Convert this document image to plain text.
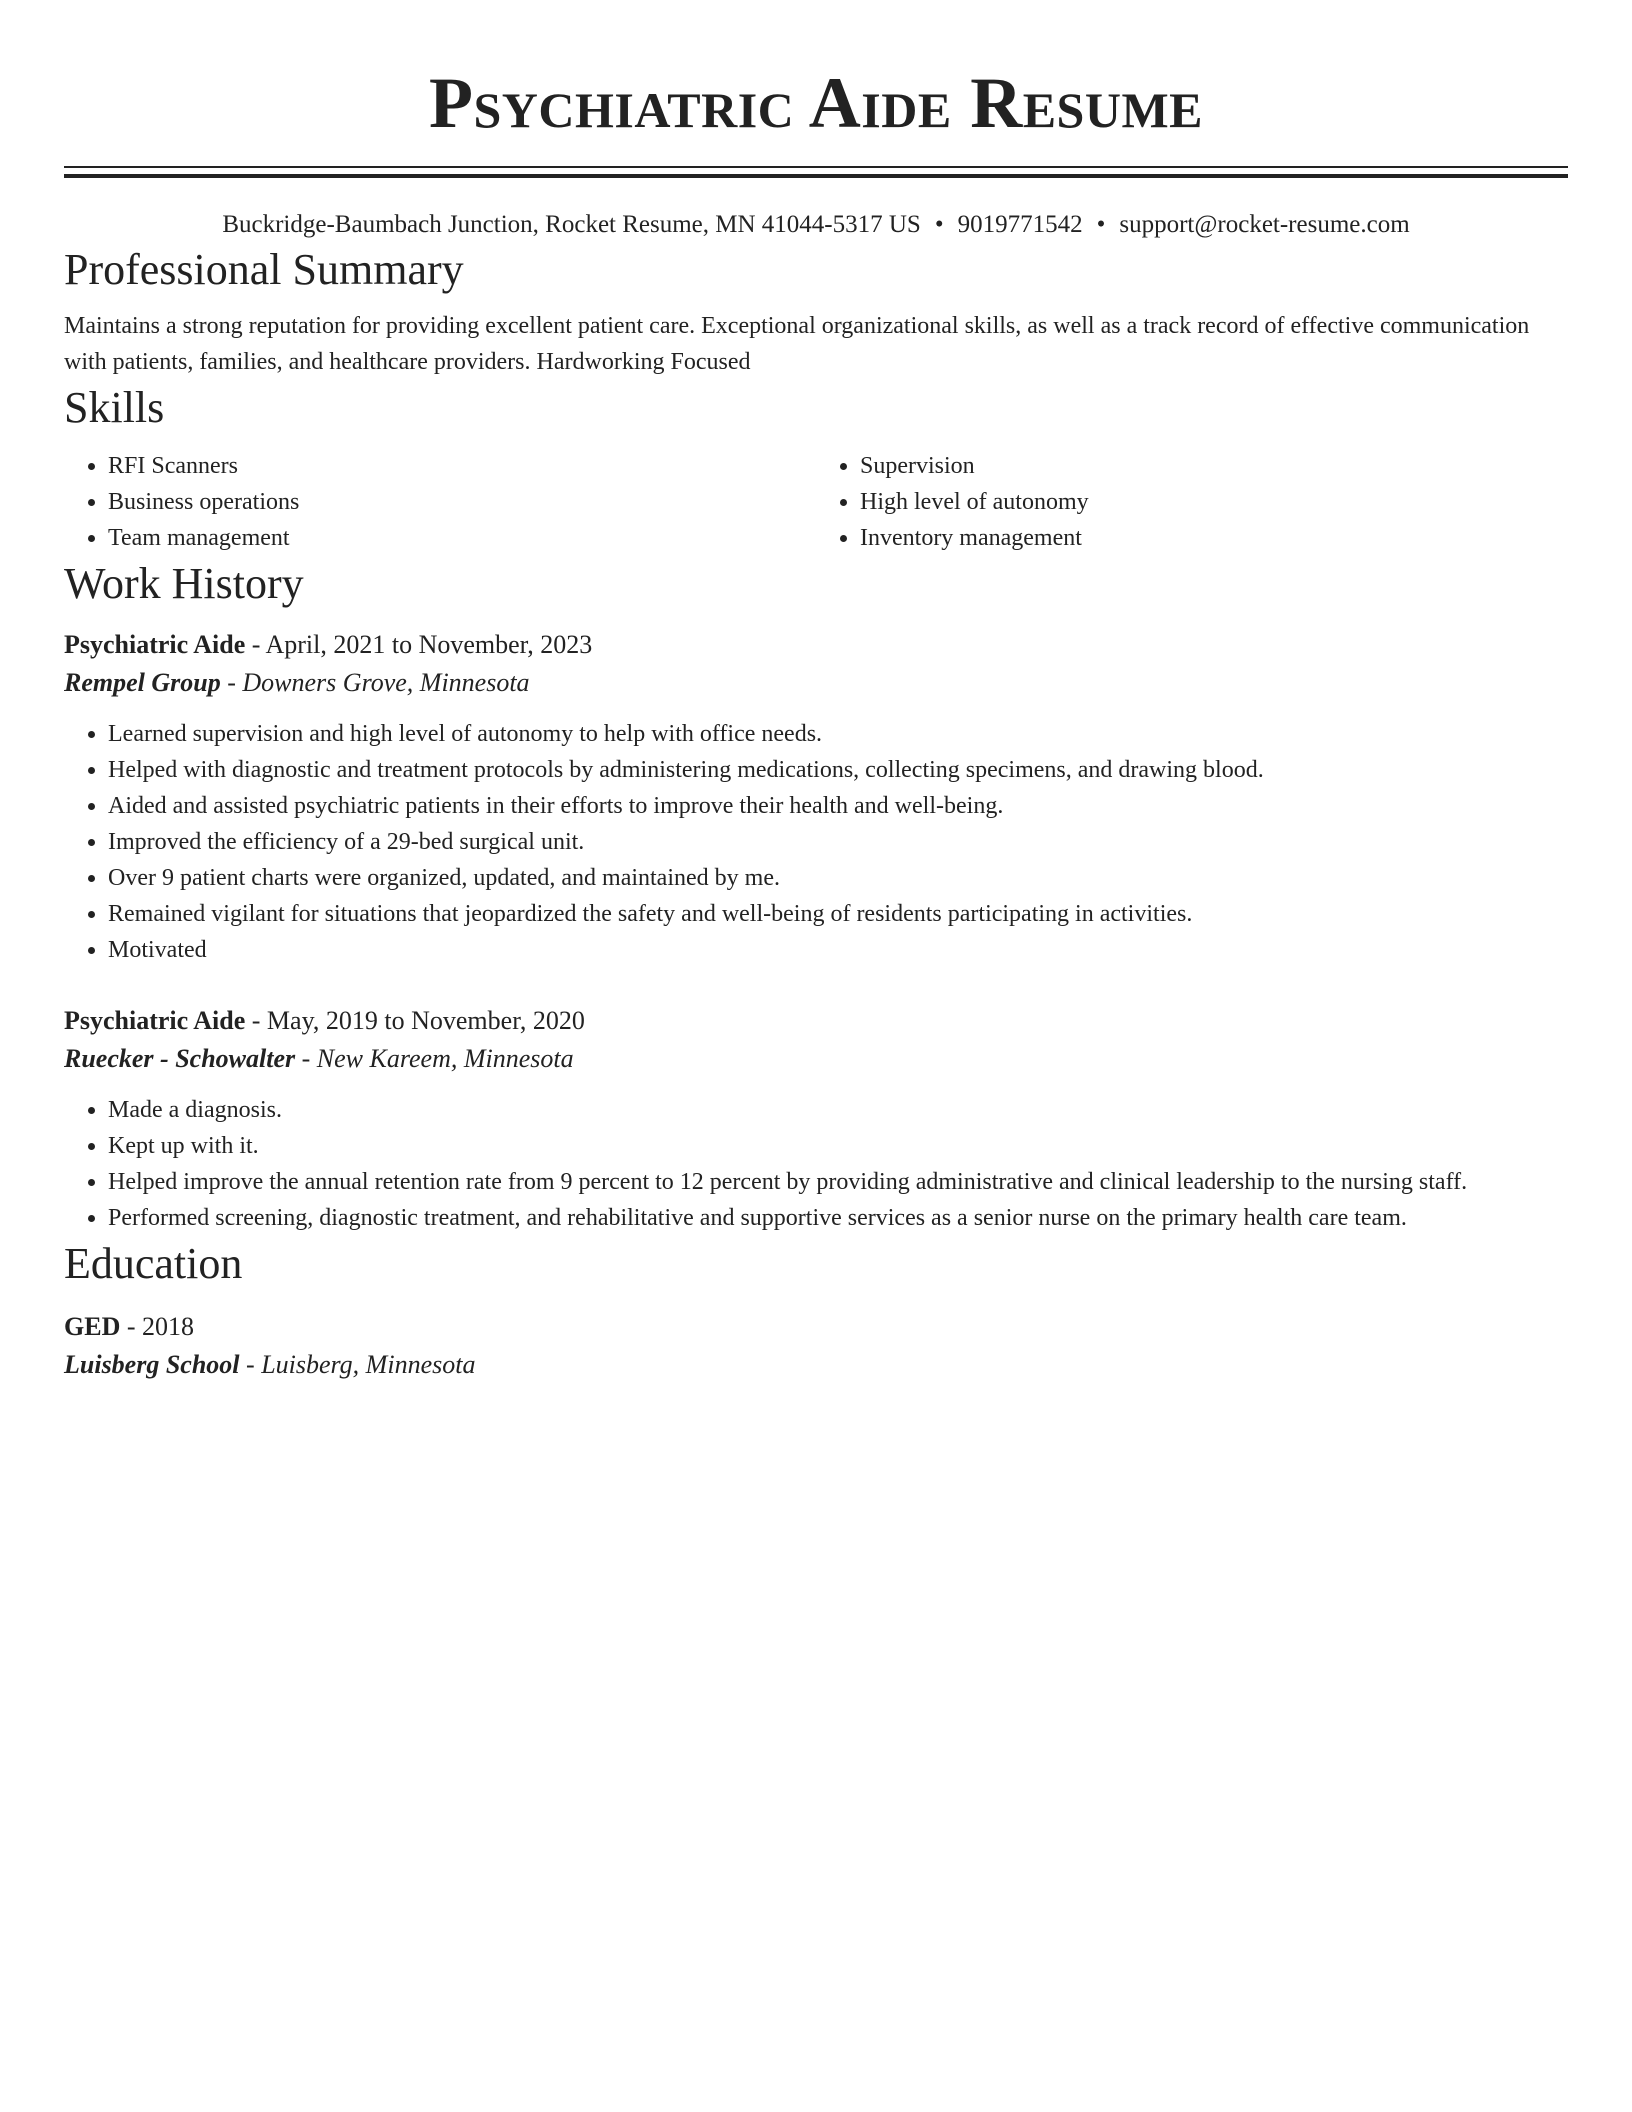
Psychiatric Aide Resume
Buckridge-Baumbach Junction, Rocket Resume, MN 41044-5317 US • 9019771542 • support@rocket-resume.com
Professional Summary

Maintains a strong reputation for providing excellent patient care. Exceptional organizational skills, as well as a track record of effective communication with patients, families, and healthcare providers. Hardworking Focused

Skills
• RFI Scanners
• Business operations
• Team management
• Supervision
• High level of autonomy
• Inventory management
Work History
Psychiatric Aide - April, 2021 to November, 2023
Rempel Group - Downers Grove, Minnesota
• Learned supervision and high level of autonomy to help with office needs.
• Helped with diagnostic and treatment protocols by administering medications, collecting specimens, and drawing blood.
• Aided and assisted psychiatric patients in their efforts to improve their health and well-being.
• Improved the efficiency of a 29-bed surgical unit.
• Over 9 patient charts were organized, updated, and maintained by me.
• Remained vigilant for situations that jeopardized the safety and well-being of residents participating in activities.
• Motivated
Psychiatric Aide - May, 2019 to November, 2020
Ruecker - Schowalter - New Kareem, Minnesota
• Made a diagnosis.
• Kept up with it.
• Helped improve the annual retention rate from 9 percent to 12 percent by providing administrative and clinical leadership to the nursing staff.
• Performed screening, diagnostic treatment, and rehabilitative and supportive services as a senior nurse on the primary health care team.
Education
GED - 2018
Luisberg School - Luisberg, Minnesota
